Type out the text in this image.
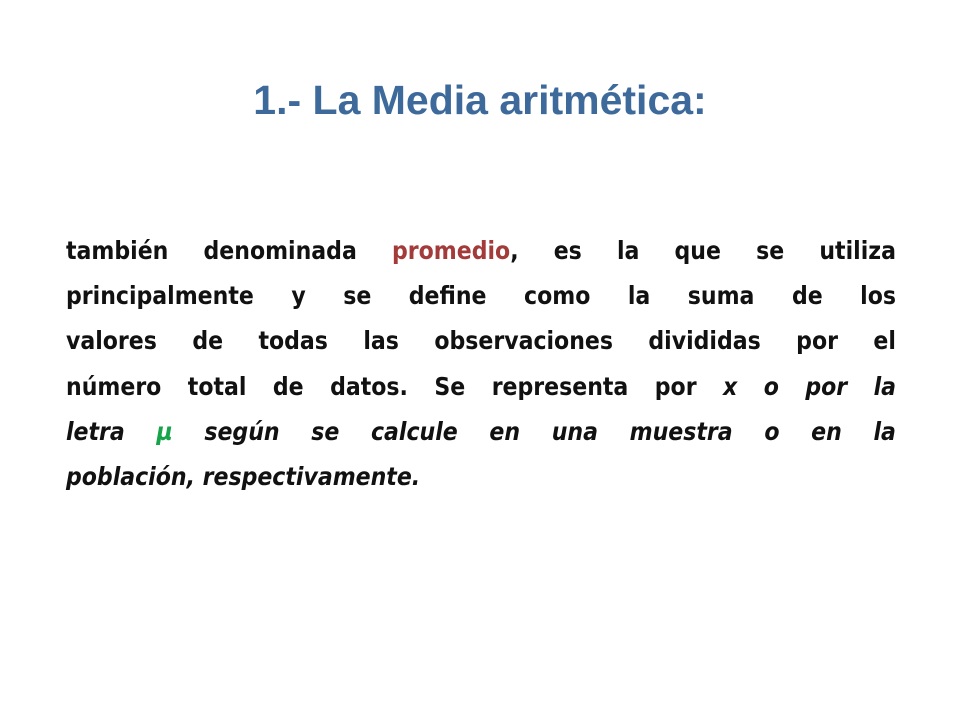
1.- La Media aritmética:
también denominada promedio, es la que se utiliza
principalmente y se define como la suma de los
valores de todas las observaciones divididas por el
número total de datos. Se representa por x o por la
letra µ según se calcule en una muestra o en la
población, respectivamente.
